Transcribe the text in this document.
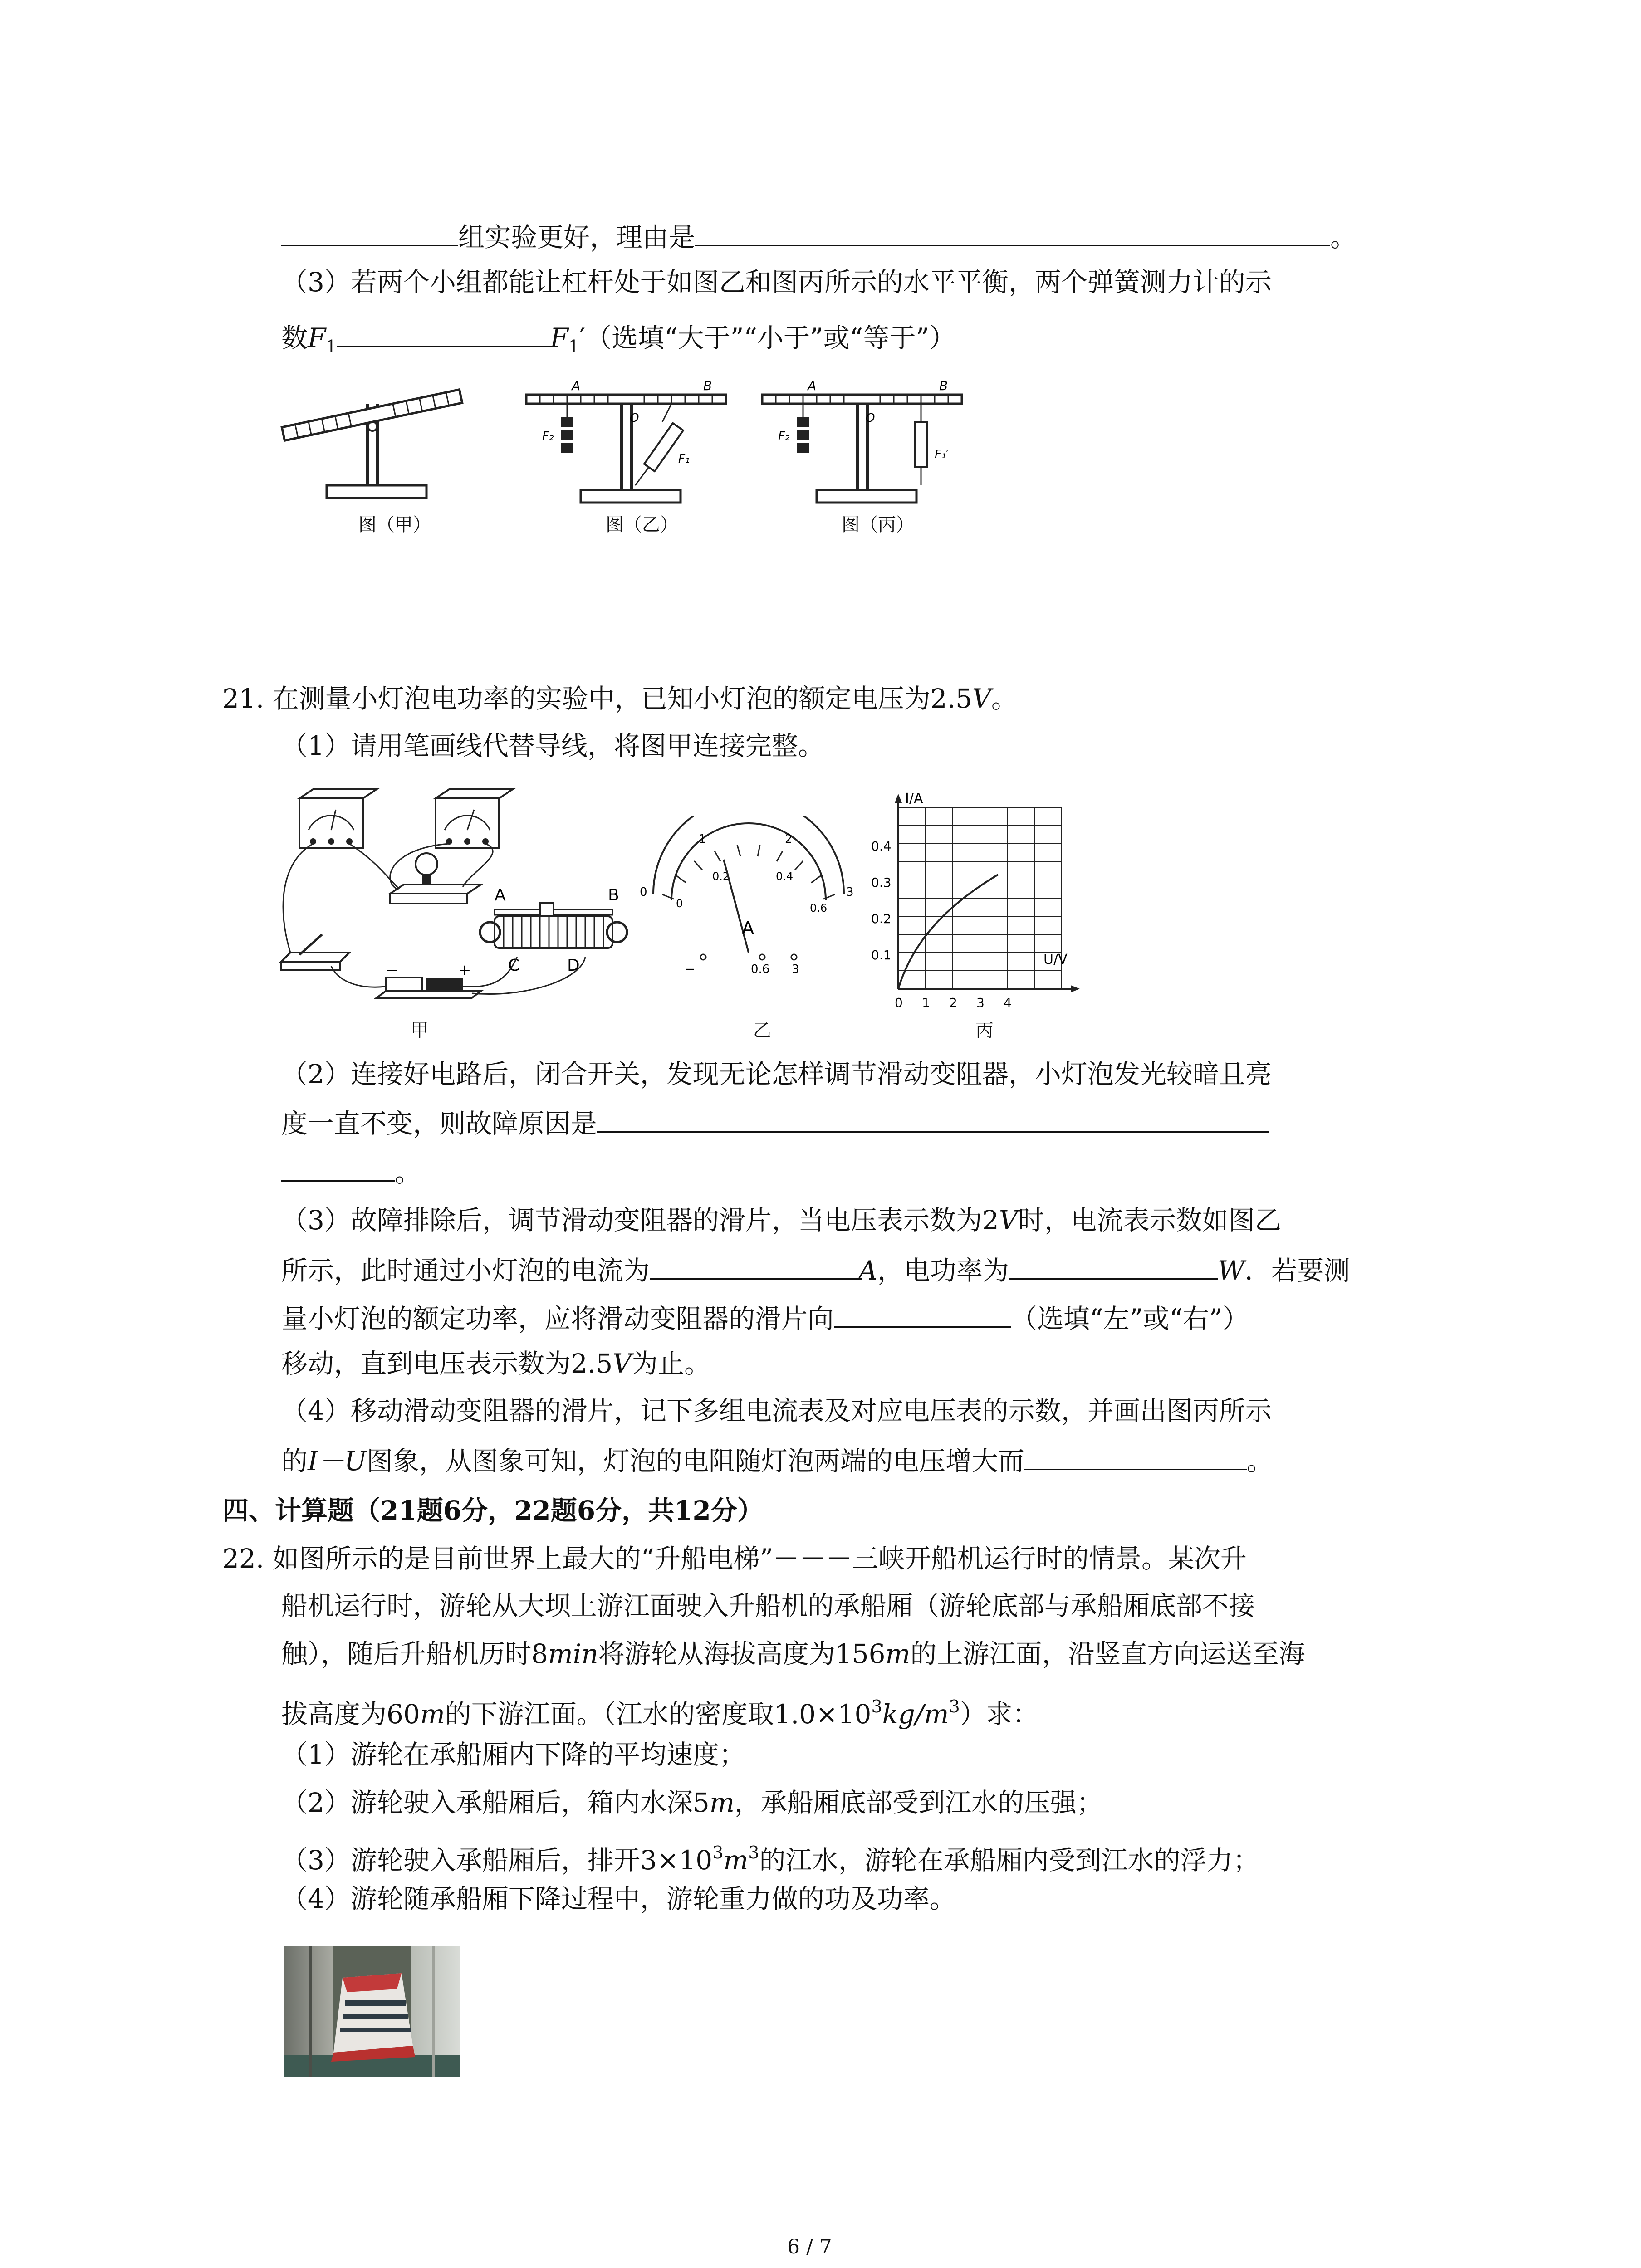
组实验更好，理由是	。
（3）若两个小组都能让杠杆处于如图乙和图丙所示的水平平衡，两个弹簧测力计的示
数$F_1$	$F_1'$（选填“大于”“小于”或“等于”）
A	B
O
F₂
F₁
A	B
O
F₂
F₁′
图（甲）	图（乙）	图（丙）
21. 在测量小灯泡电功率的实验中，已知小灯泡的额定电压为2.5V。
（1）请用笔画线代替导线，将图甲连接完整。
A	B
C	D
−	+
甲
0
1	2
3
0
0.2	0.4
0.6
A
−	0.6 3
乙
I/A
U/V
0.1
0.2
0.3
0.4
0 1 2 3 4
丙
（2）连接好电路后，闭合开关，发现无论怎样调节滑动变阻器，小灯泡发光较暗且亮
度一直不变，则故障原因是
。
（3）故障排除后，调节滑动变阻器的滑片，当电压表示数为2V时，电流表示数如图乙
所示，此时通过小灯泡的电流为	A，电功率为	W．若要测
量小灯泡的额定功率，应将滑动变阻器的滑片向	（选填“左”或“右”）
移动，直到电压表示数为2.5V为止。
（4）移动滑动变阻器的滑片，记下多组电流表及对应电压表的示数，并画出图丙所示
的I－U图象，从图象可知，灯泡的电阻随灯泡两端的电压增大而	。
四、计算题（21题6分，22题6分，共12分）
22. 如图所示的是目前世界上最大的“升船电梯”－－－三峡开船机运行时的情景。某次升
船机运行时，游轮从大坝上游江面驶入升船机的承船厢（游轮底部与承船厢底部不接
触），随后升船机历时8min将游轮从海拔高度为156m的上游江面，沿竖直方向运送至海
拔高度为60m的下游江面。（江水的密度取$1.0\times 10^3kg/m^3$）求：
（1）游轮在承船厢内下降的平均速度；
（2）游轮驶入承船厢后，箱内水深5m，承船厢底部受到江水的压强；
（3）游轮驶入承船厢后，排开$3\times 10^3m^3$的江水，游轮在承船厢内受到江水的浮力；
（4）游轮随承船厢下降过程中，游轮重力做的功及功率。
6 / 7
